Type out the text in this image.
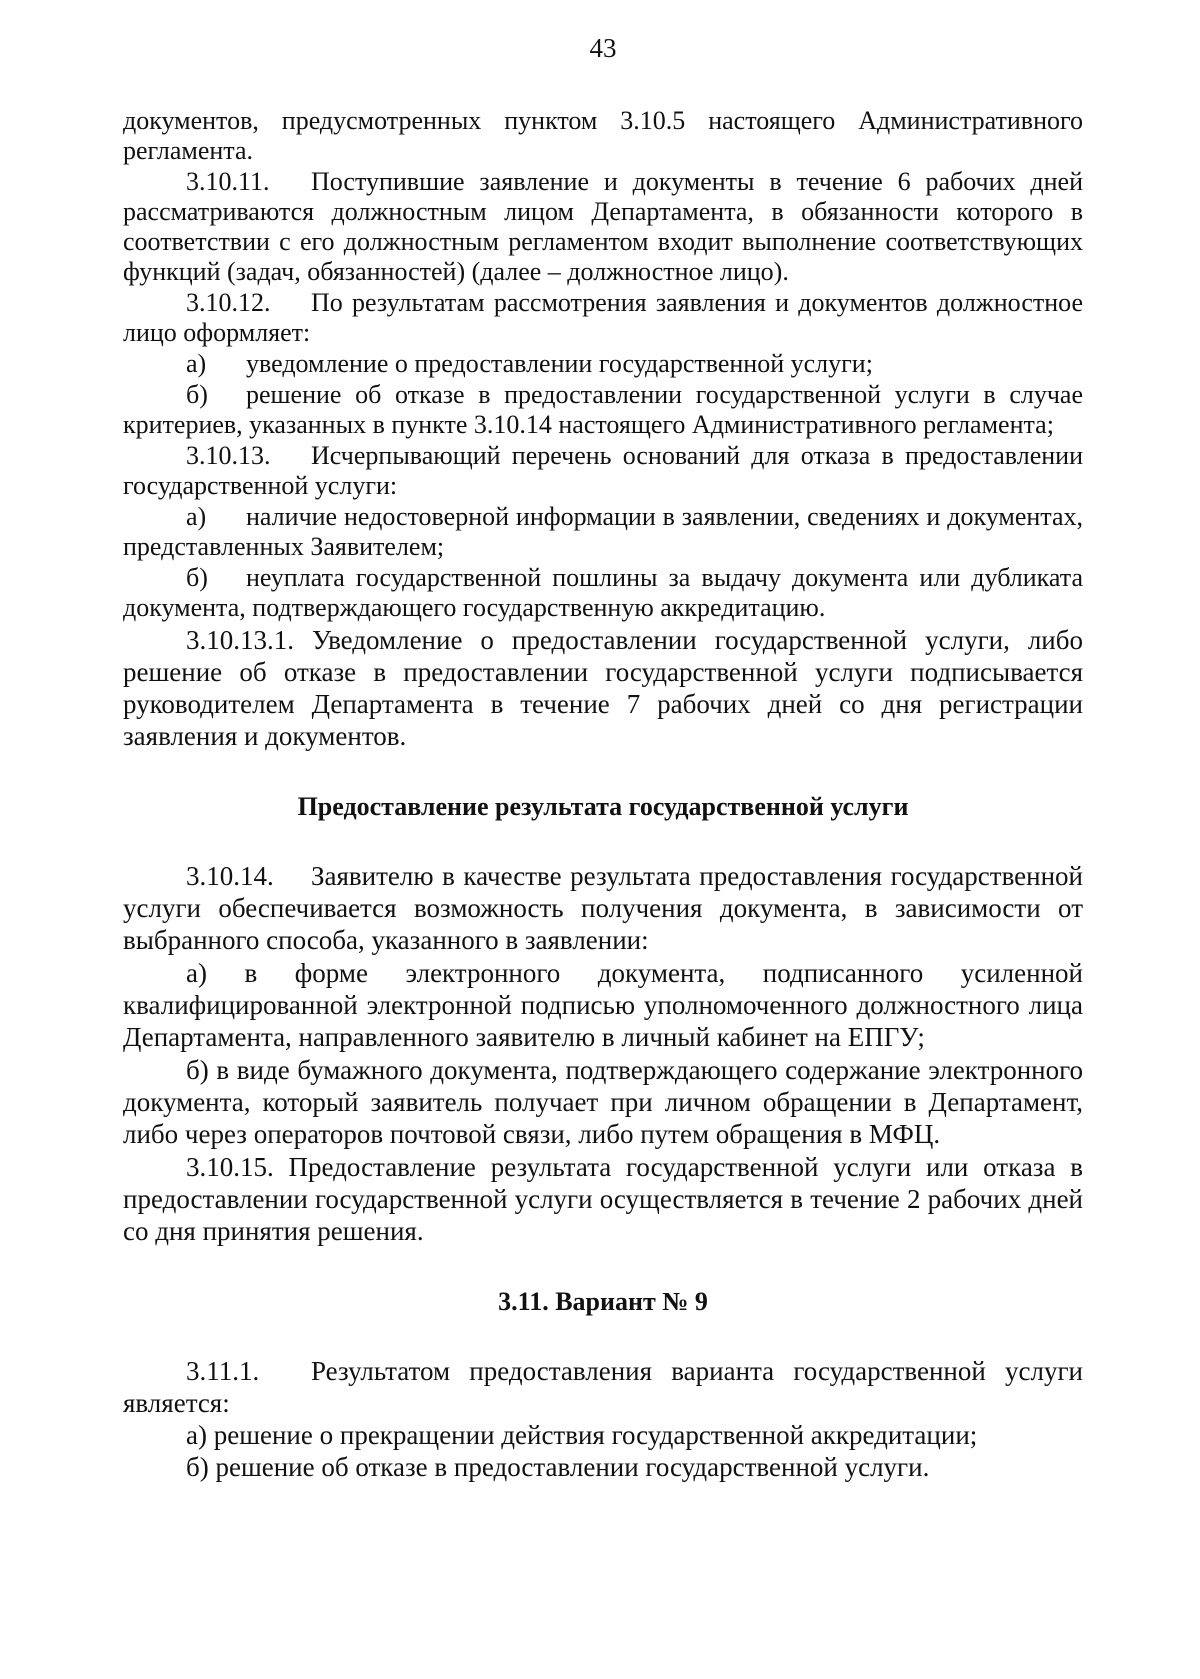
43

документов, предусмотренных пунктом 3.10.5 настоящего Административного регламента.

3.10.11. Поступившие заявление и документы в течение 6 рабочих дней рассматриваются должностным лицом Департамента, в обязанности которого в соответствии с его должностным регламентом входит выполнение соответствующих функций (задач, обязанностей) (далее – должностное лицо).

3.10.12. По результатам рассмотрения заявления и документов должностное лицо оформляет:

а) уведомление о предоставлении государственной услуги;

б) решение об отказе в предоставлении государственной услуги в случае критериев, указанных в пункте 3.10.14 настоящего Административного регламента;

3.10.13. Исчерпывающий перечень оснований для отказа в предоставлении государственной услуги:

а) наличие недостоверной информации в заявлении, сведениях и документах, представленных Заявителем;

б) неуплата государственной пошлины за выдачу документа или дубликата документа, подтверждающего государственную аккредитацию.

3.10.13.1. Уведомление о предоставлении государственной услуги, либо решение об отказе в предоставлении государственной услуги подписывается руководителем Департамента в течение 7 рабочих дней со дня регистрации заявления и документов.

Предоставление результата государственной услуги

3.10.14. Заявителю в качестве результата предоставления государственной услуги обеспечивается возможность получения документа, в зависимости от выбранного способа, указанного в заявлении:

а) в форме электронного документа, подписанного усиленной квалифицированной электронной подписью уполномоченного должностного лица Департамента, направленного заявителю в личный кабинет на ЕПГУ;

б) в виде бумажного документа, подтверждающего содержание электронного документа, который заявитель получает при личном обращении в Департамент, либо через операторов почтовой связи, либо путем обращения в МФЦ.

3.10.15. Предоставление результата государственной услуги или отказа в предоставлении государственной услуги осуществляется в течение 2 рабочих дней со дня принятия решения.

3.11. Вариант № 9

3.11.1. Результатом предоставления варианта государственной услуги является:

а) решение о прекращении действия государственной аккредитации;

б) решение об отказе в предоставлении государственной услуги.
